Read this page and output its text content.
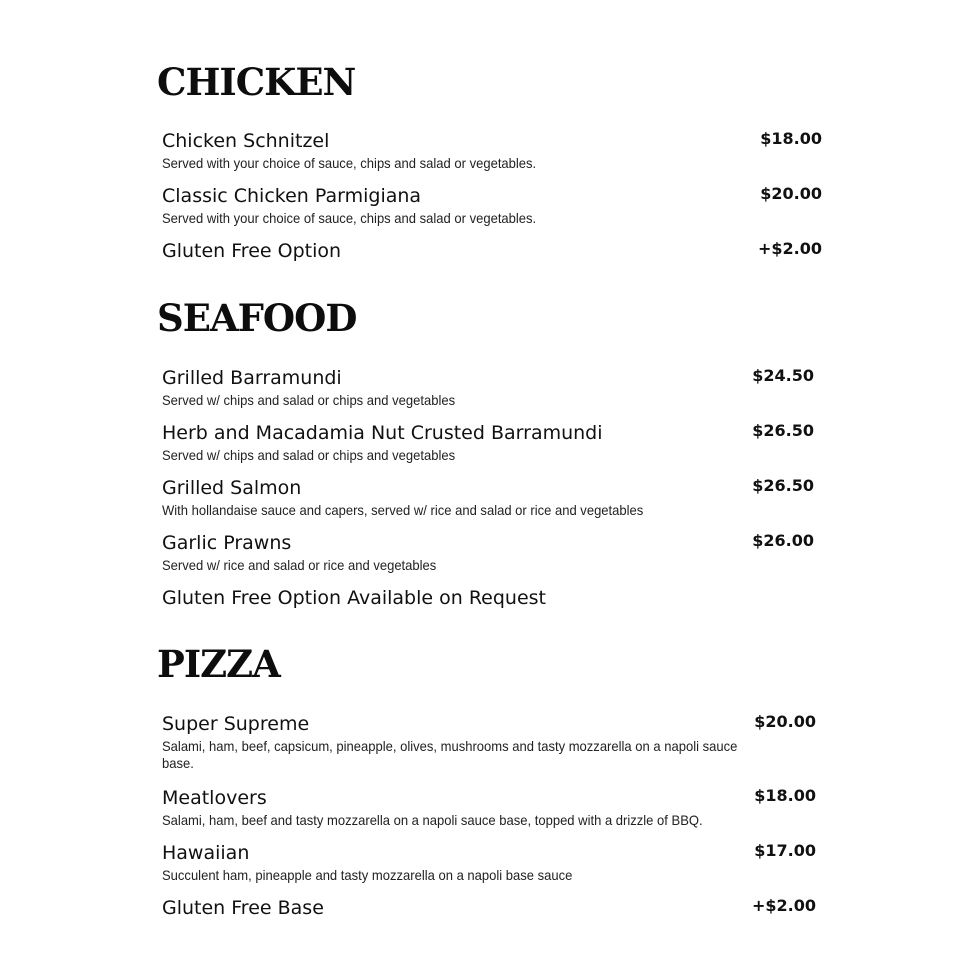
CHICKEN
Chicken Schnitzel	$18.00
Served with your choice of sauce, chips and salad or vegetables.
Classic Chicken Parmigiana	$20.00
Served with your choice of sauce, chips and salad or vegetables.
Gluten Free Option	+$2.00
SEAFOOD
Grilled Barramundi	$24.50
Served w/ chips and salad or chips and vegetables
Herb and Macadamia Nut Crusted Barramundi	$26.50
Served w/ chips and salad or chips and vegetables
Grilled Salmon	$26.50
With hollandaise sauce and capers, served w/ rice and salad or rice and vegetables
Garlic Prawns	$26.00
Served w/ rice and salad or rice and vegetables
Gluten Free Option Available on Request
PIZZA
Super Supreme	$20.00
Salami, ham, beef, capsicum, pineapple, olives, mushrooms and tasty mozzarella on a napoli sauce base.
Meatlovers	$18.00
Salami, ham, beef and tasty mozzarella on a napoli sauce base, topped with a drizzle of BBQ.
Hawaiian	$17.00
Succulent ham, pineapple and tasty mozzarella on a napoli base sauce
Gluten Free Base	+$2.00
